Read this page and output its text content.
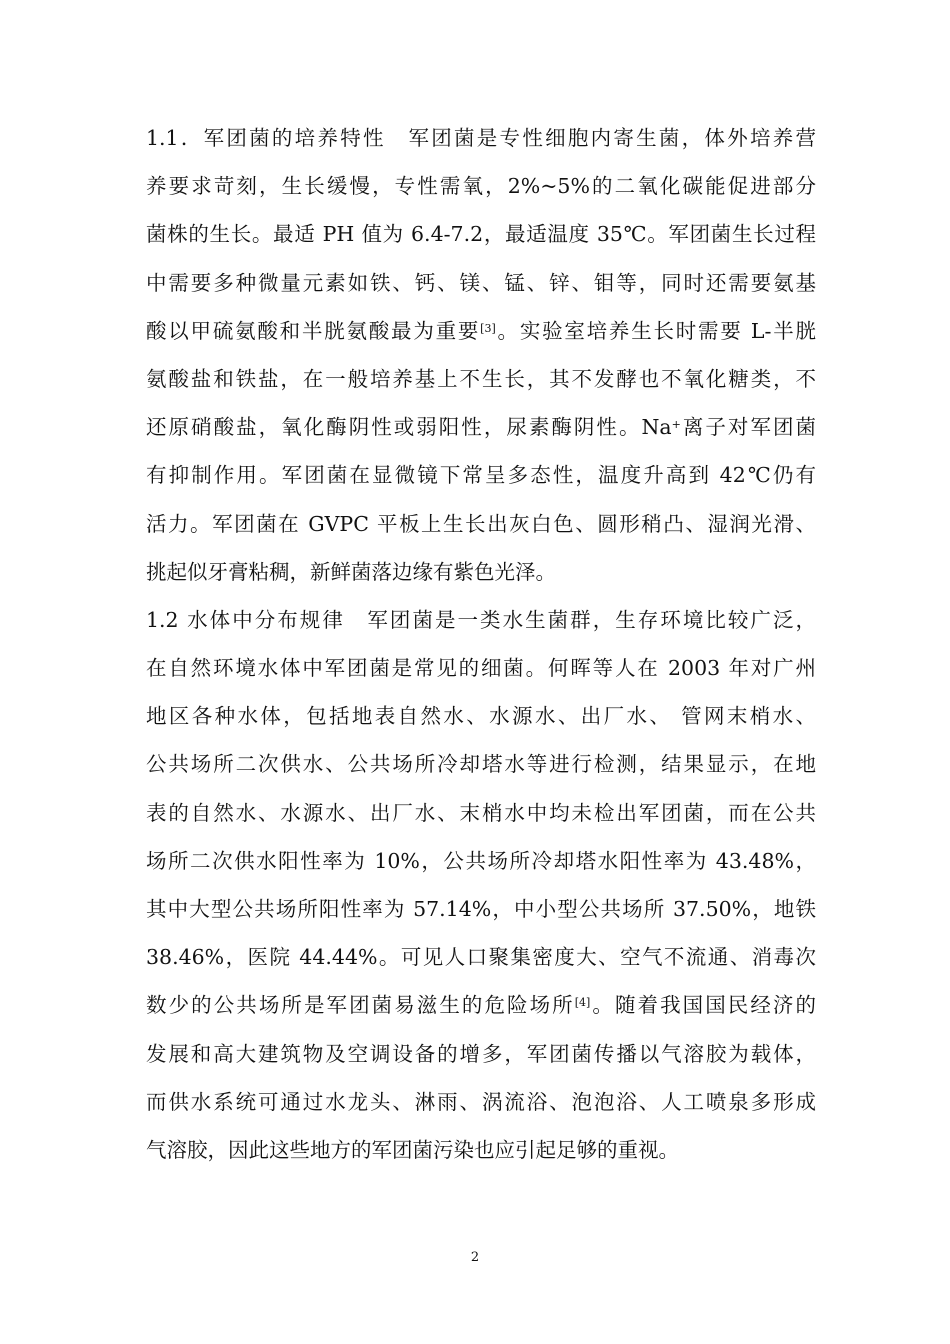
1.1．军团菌的培养特性　军团菌是专性细胞内寄生菌，体外培养营
养要求苛刻，生长缓慢，专性需氧，2%~5%的二氧化碳能促进部分
菌株的生长。最适 PH 值为 6.4-7.2，最适温度 35℃。军团菌生长过程
中需要多种微量元素如铁、钙、镁、锰、锌、钼等，同时还需要氨基
酸以甲硫氨酸和半胱氨酸最为重要[3]。实验室培养生长时需要 L-半胱
氨酸盐和铁盐，在一般培养基上不生长，其不发酵也不氧化糖类，不
还原硝酸盐，氧化酶阴性或弱阳性，尿素酶阴性。Na+离子对军团菌
有抑制作用。军团菌在显微镜下常呈多态性，温度升高到 42℃仍有
活力。军团菌在 GVPC 平板上生长出灰白色、圆形稍凸、湿润光滑、
挑起似牙膏粘稠，新鲜菌落边缘有紫色光泽。
1.2 水体中分布规律　军团菌是一类水生菌群，生存环境比较广泛，
在自然环境水体中军团菌是常见的细菌。何晖等人在 2003 年对广州
地区各种水体，包括地表自然水、水源水、出厂水、 管网末梢水、
公共场所二次供水、公共场所冷却塔水等进行检测，结果显示，在地
表的自然水、水源水、出厂水、末梢水中均未检出军团菌，而在公共
场所二次供水阳性率为 10%，公共场所冷却塔水阳性率为 43.48%，
其中大型公共场所阳性率为 57.14%，中小型公共场所 37.50%，地铁
38.46%，医院 44.44%。可见人口聚集密度大、空气不流通、消毒次
数少的公共场所是军团菌易滋生的危险场所[4]。随着我国国民经济的
发展和高大建筑物及空调设备的增多，军团菌传播以气溶胶为载体，
而供水系统可通过水龙头、淋雨、涡流浴、泡泡浴、人工喷泉多形成
气溶胶，因此这些地方的军团菌污染也应引起足够的重视。
2
